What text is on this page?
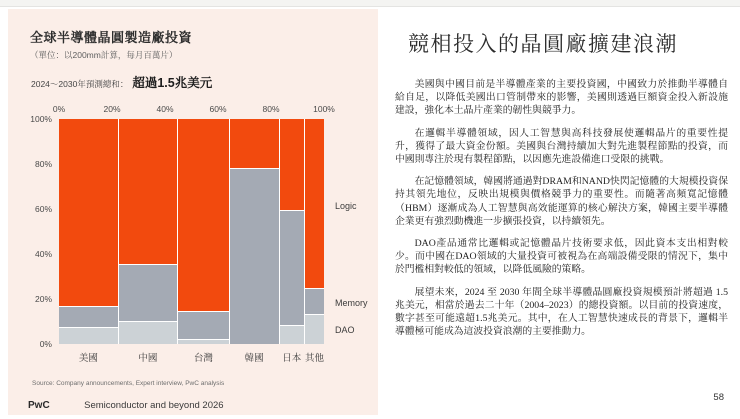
全球半導體晶圓製造廠投資
（單位：以200mm計算，每月百萬片）
2024～2030年預測總和： 超過1.5兆美元
0%	20%	40%	60%	80%	100%
100%
80%
60%
40%
20%
0%
Logic
Memory
DAO
美國	中國	台灣	韓國 日本 其他
Source: Company announcements, Expert interview, PwC analysis
PwC	Semiconductor and beyond 2026
競相投入的晶圓廠擴建浪潮

美國與中國目前是半導體產業的主要投資國，中國致力於推動半導體自給自足，以降低美國出口管制帶來的影響，美國則透過巨額資金投入新設施建設，強化本土晶片產業的韌性與競爭力。

在邏輯半導體領域，因人工智慧與高科技發展使邏輯晶片的重要性提升，獲得了最大資金份額。美國與台灣持續加大對先進製程節點的投資，而中國則專注於現有製程節點，以因應先進設備進口受限的挑戰。

在記憶體領域，韓國將通過對DRAM和NAND快閃記憶體的大規模投資保持其領先地位，反映出規模與價格競爭力的重要性。而隨著高頻寬記憶體（HBM）逐漸成為人工智慧與高效能運算的核心解決方案，韓國主要半導體企業更有強烈動機進一步擴張投資，以持續領先。

DAO產品通常比邏輯或記憶體晶片技術要求低，因此資本支出相對較少。而中國在DAO領域的大量投資可被視為在高端設備受限的情況下，集中於門檻相對較低的領域，以降低風險的策略。

展望未來，2024 至 2030 年間全球半導體晶圓廠投資規模預計將超過 1.5 兆美元，相當於過去二十年（2004–2023）的總投資額。以目前的投資速度，數字甚至可能遠超1.5兆美元。其中，在人工智慧快速成長的背景下，邏輯半導體極可能成為這波投資浪潮的主要推動力。

58
